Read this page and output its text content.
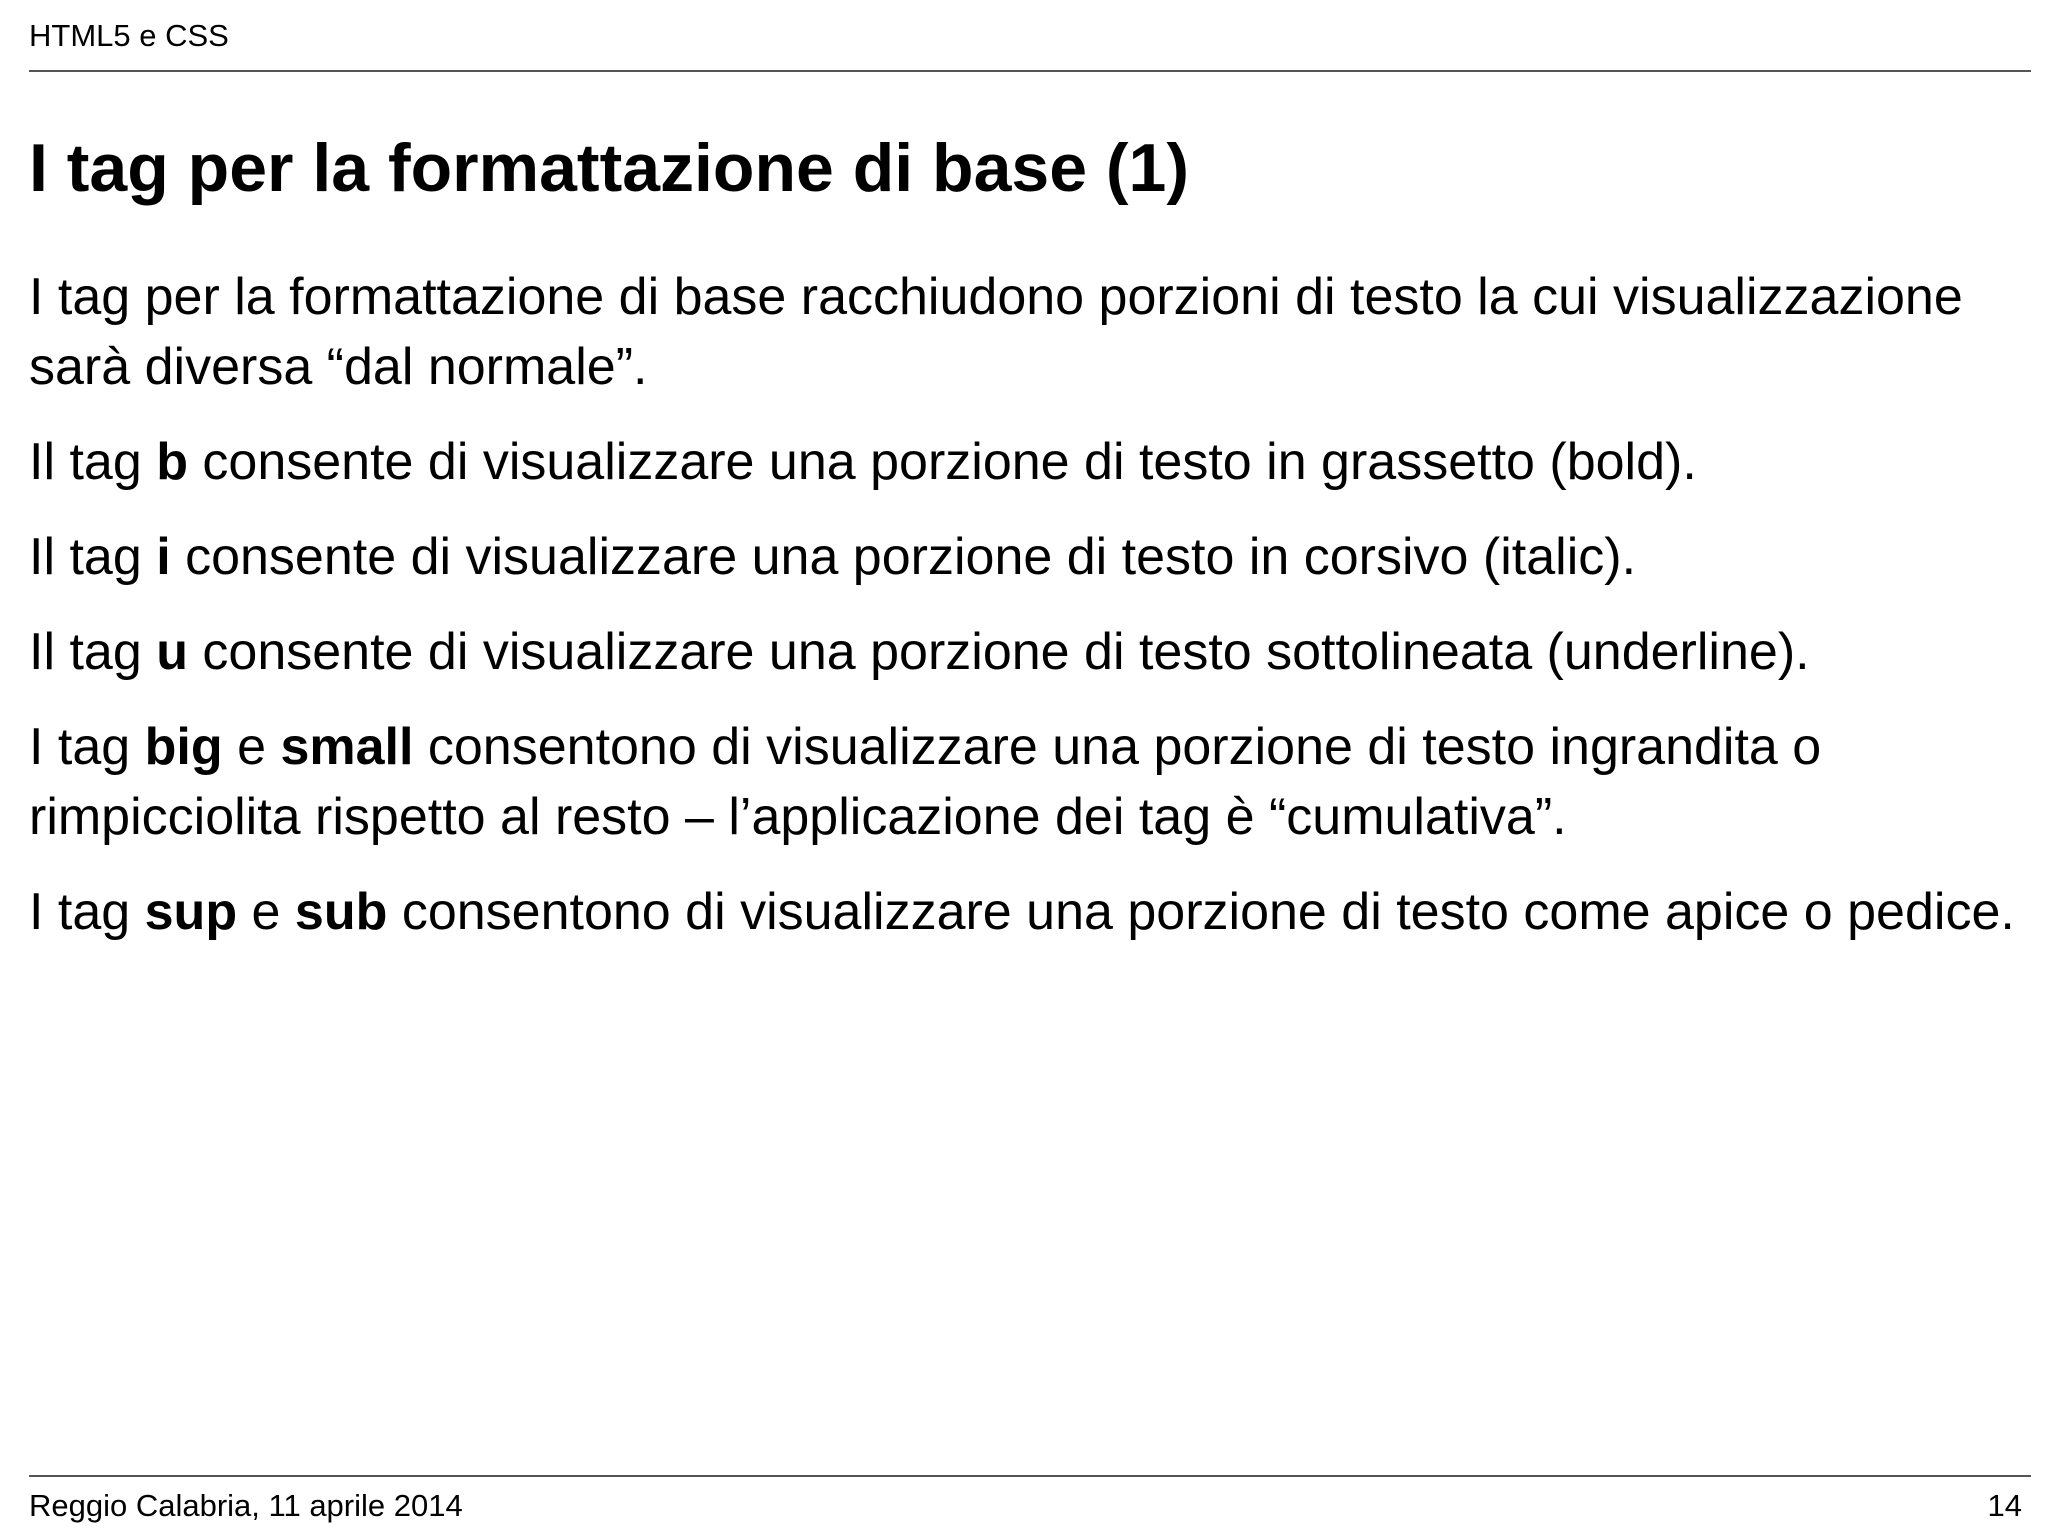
HTML5 e CSS
I tag per la formattazione di base (1)

I tag per la formattazione di base racchiudono porzioni di testo la cui visualizzazione sarà diversa “dal normale”.

Il tag b consente di visualizzare una porzione di testo in grassetto (bold).

Il tag i consente di visualizzare una porzione di testo in corsivo (italic).

Il tag u consente di visualizzare una porzione di testo sottolineata (underline).

I tag big e small consentono di visualizzare una porzione di testo ingrandita o rimpicciolita rispetto al resto – l’applicazione dei tag è “cumulativa”.

I tag sup e sub consentono di visualizzare una porzione di testo come apice o pedice.

Reggio Calabria, 11 aprile 2014	14
